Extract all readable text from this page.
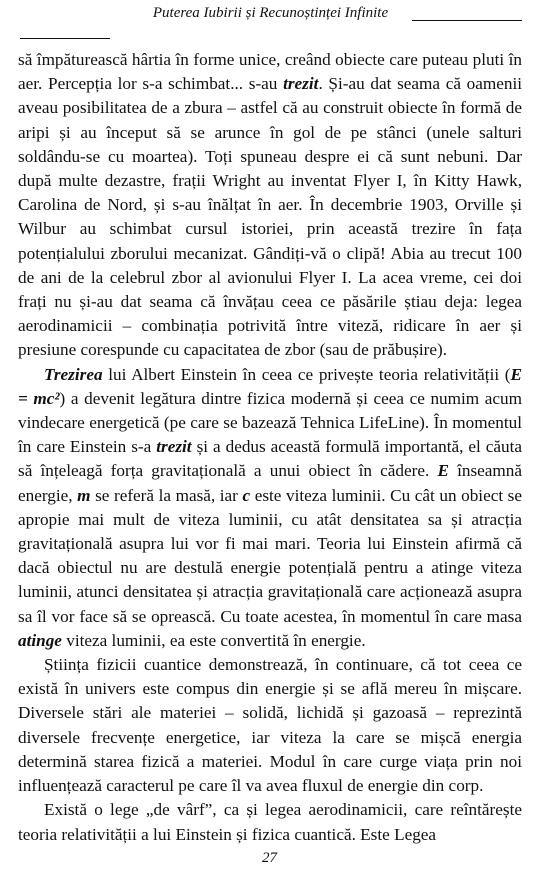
Puterea Iubirii și Recunoștinței Infinite

să împăturească hârtia în forme unice, creând obiecte care puteau pluti în aer. Percepția lor s-a schimbat... s-au trezit. Și-au dat seama că oamenii aveau posibilitatea de a zbura – astfel că au construit obiecte în formă de aripi și au început să se arunce în gol de pe stânci (unele salturi soldându-se cu moartea). Toți spuneau despre ei că sunt nebuni. Dar după multe dezastre, frații Wright au inventat Flyer I, în Kitty Hawk, Carolina de Nord, și s-au înălțat în aer. În decembrie 1903, Orville și Wilbur au schimbat cursul istoriei, prin această trezire în fața potențialului zborului mecanizat. Gândiți-vă o clipă! Abia au trecut 100 de ani de la celebrul zbor al avionului Flyer I. La acea vreme, cei doi frați nu și-au dat seama că învățau ceea ce păsările știau deja: legea aerodinamicii – combinația potrivită între viteză, ridicare în aer și presiune corespunde cu capacitatea de zbor (sau de prăbușire).

Trezirea lui Albert Einstein în ceea ce privește teoria relativității (E = mc²) a devenit legătura dintre fizica modernă și ceea ce numim acum vindecare energetică (pe care se bazează Tehnica LifeLine). În momentul în care Einstein s-a trezit și a dedus această formulă importantă, el căuta să înțeleagă forța gravitațională a unui obiect în cădere. E înseamnă energie, m se referă la masă, iar c este viteza luminii. Cu cât un obiect se apropie mai mult de viteza luminii, cu atât densitatea sa și atracția gravitațională asupra lui vor fi mai mari. Teoria lui Einstein afirmă că dacă obiectul nu are destulă energie potențială pentru a atinge viteza luminii, atunci densitatea și atracția gravitațională care acționează asupra sa îl vor face să se oprească. Cu toate acestea, în momentul în care masa atinge viteza luminii, ea este convertită în energie.

Știința fizicii cuantice demonstrează, în continuare, că tot ceea ce există în univers este compus din energie și se află mereu în mișcare. Diversele stări ale materiei – solidă, lichidă și gazoasă – reprezintă diversele frecvențe energetice, iar viteza la care se mișcă energia determină starea fizică a materiei. Modul în care curge viața prin noi influențează caracterul pe care îl va avea fluxul de energie din corp.

Există o lege „de vârf”, ca și legea aerodinamicii, care reîntărește teoria relativității a lui Einstein și fizica cuantică. Este Legea

27
